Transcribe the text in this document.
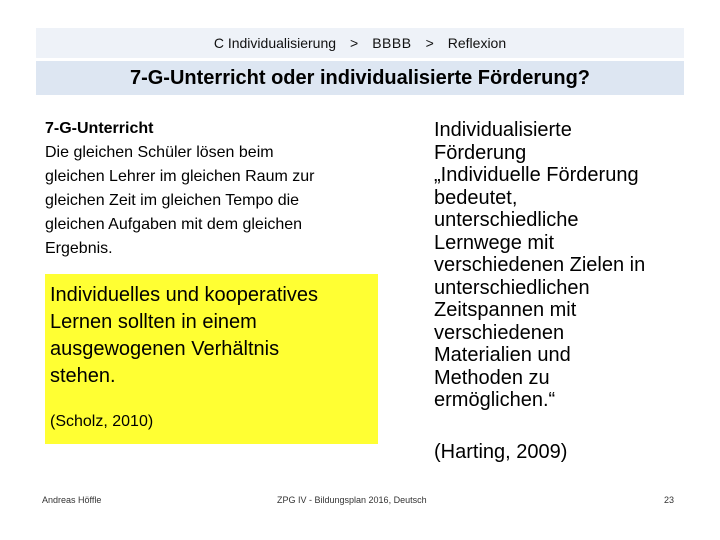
C Individualisierung	>	BBBB	>	Reflexion
7-G-Unterricht oder individualisierte Förderung?
7-G-Unterricht
Die gleichen Schüler lösen beim
gleichen Lehrer im gleichen Raum zur
gleichen Zeit im gleichen Tempo die
gleichen Aufgaben mit dem gleichen
Ergebnis.
Individuelles und kooperatives
Lernen sollten in einem
ausgewogenen Verhältnis
stehen.
(Scholz, 2010)
Individualisierte
Förderung
„Individuelle Förderung
bedeutet,
unterschiedliche
Lernwege mit
verschiedenen Zielen in
unterschiedlichen
Zeitspannen mit
verschiedenen
Materialien und
Methoden zu
ermöglichen.“
(Harting, 2009)
Andreas Höffle	ZPG IV - Bildungsplan 2016, Deutsch	23
